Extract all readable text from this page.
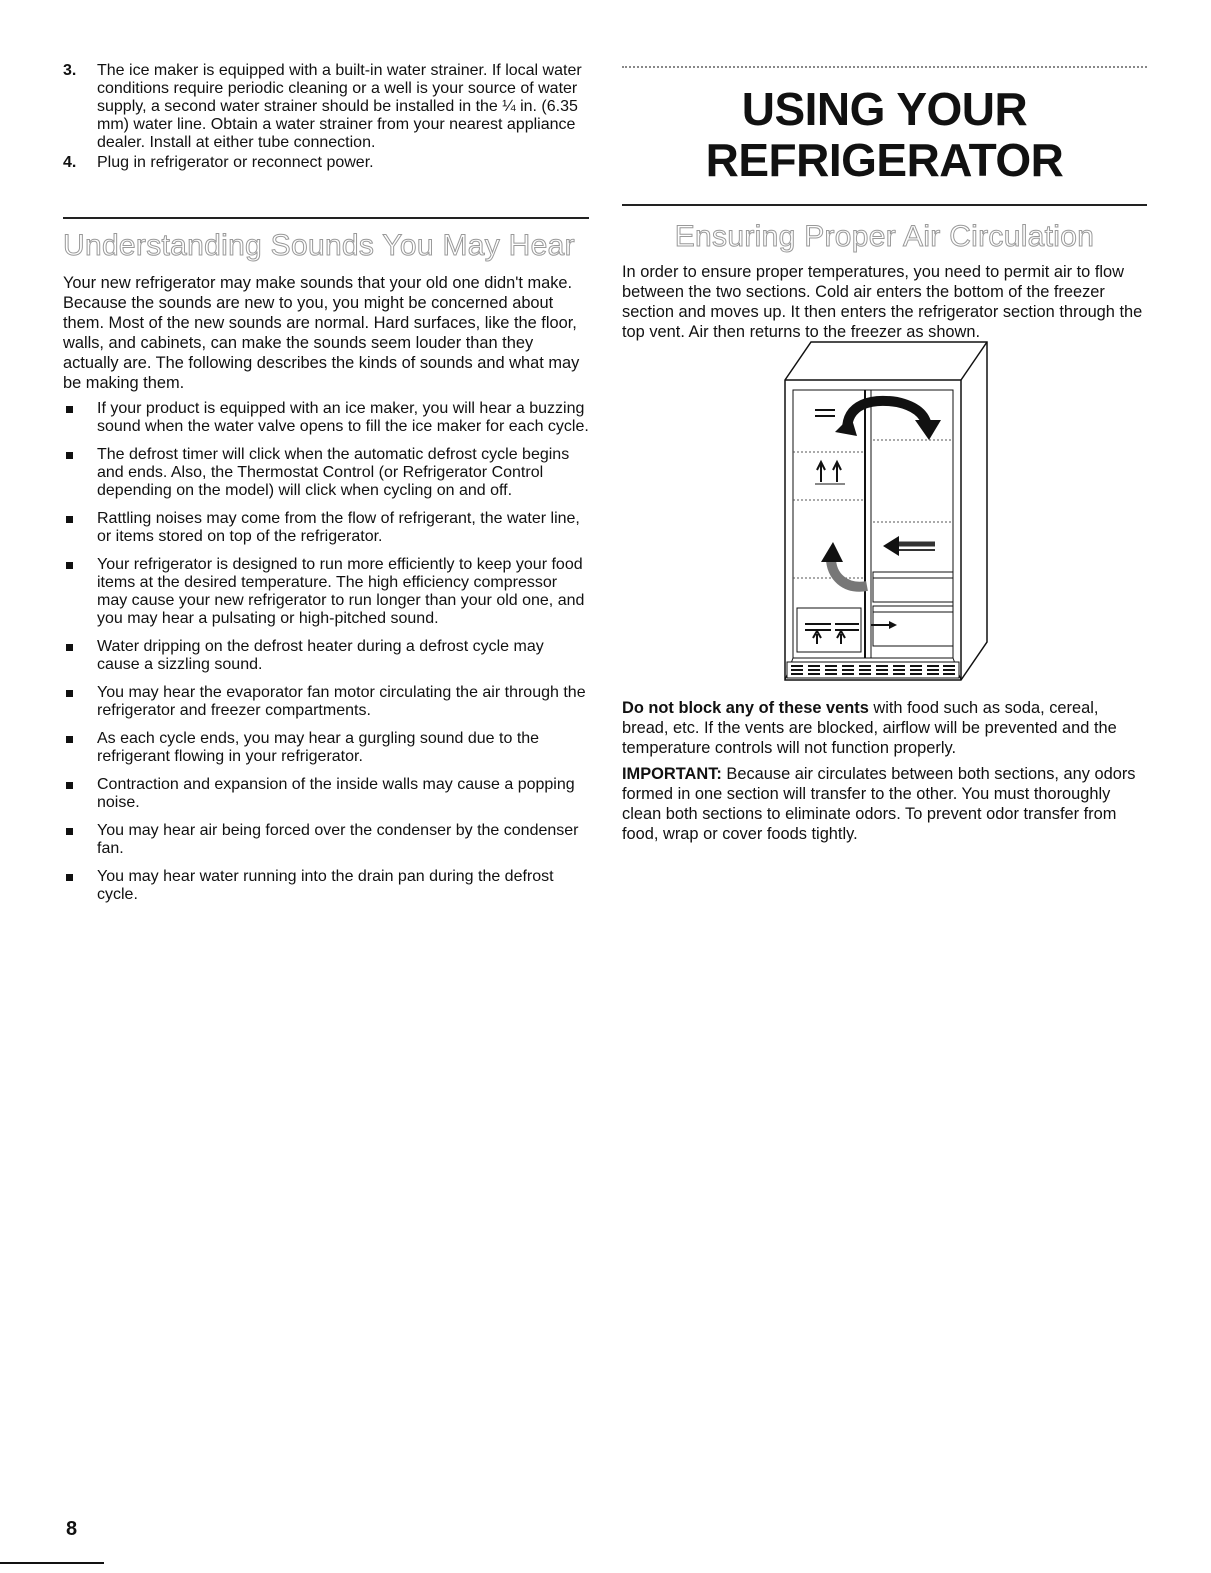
3.	The ice maker is equipped with a built-in water strainer. If local water conditions require periodic cleaning or a well is your source of water supply, a second water strainer should be installed in the ¼ in. (6.35 mm) water line. Obtain a water strainer from your nearest appliance dealer. Install at either tube connection.
4.	Plug in refrigerator or reconnect power.
Understanding Sounds You May Hear

Your new refrigerator may make sounds that your old one didn't make. Because the sounds are new to you, you might be concerned about them. Most of the new sounds are normal. Hard surfaces, like the floor, walls, and cabinets, can make the sounds seem louder than they actually are. The following describes the kinds of sounds and what may be making them.

If your product is equipped with an ice maker, you will hear a buzzing sound when the water valve opens to fill the ice maker for each cycle.
The defrost timer will click when the automatic defrost cycle begins and ends. Also, the Thermostat Control (or Refrigerator Control depending on the model) will click when cycling on and off.
Rattling noises may come from the flow of refrigerant, the water line, or items stored on top of the refrigerator.
Your refrigerator is designed to run more efficiently to keep your food items at the desired temperature. The high efficiency compressor may cause your new refrigerator to run longer than your old one, and you may hear a pulsating or high-pitched sound.
Water dripping on the defrost heater during a defrost cycle may cause a sizzling sound.
You may hear the evaporator fan motor circulating the air through the refrigerator and freezer compartments.
As each cycle ends, you may hear a gurgling sound due to the refrigerant flowing in your refrigerator.
Contraction and expansion of the inside walls may cause a popping noise.
You may hear air being forced over the condenser by the condenser fan.
You may hear water running into the drain pan during the defrost cycle.
USING YOUR
REFRIGERATOR
Ensuring Proper Air Circulation

In order to ensure proper temperatures, you need to permit air to flow between the two sections. Cold air enters the bottom of the freezer section and moves up. It then enters the refrigerator section through the top vent. Air then returns to the freezer as shown.

Do not block any of these vents with food such as soda, cereal, bread, etc. If the vents are blocked, airflow will be prevented and the temperature controls will not function properly.

IMPORTANT: Because air circulates between both sections, any odors formed in one section will transfer to the other. You must thoroughly clean both sections to eliminate odors. To prevent odor transfer from food, wrap or cover foods tightly.

8
